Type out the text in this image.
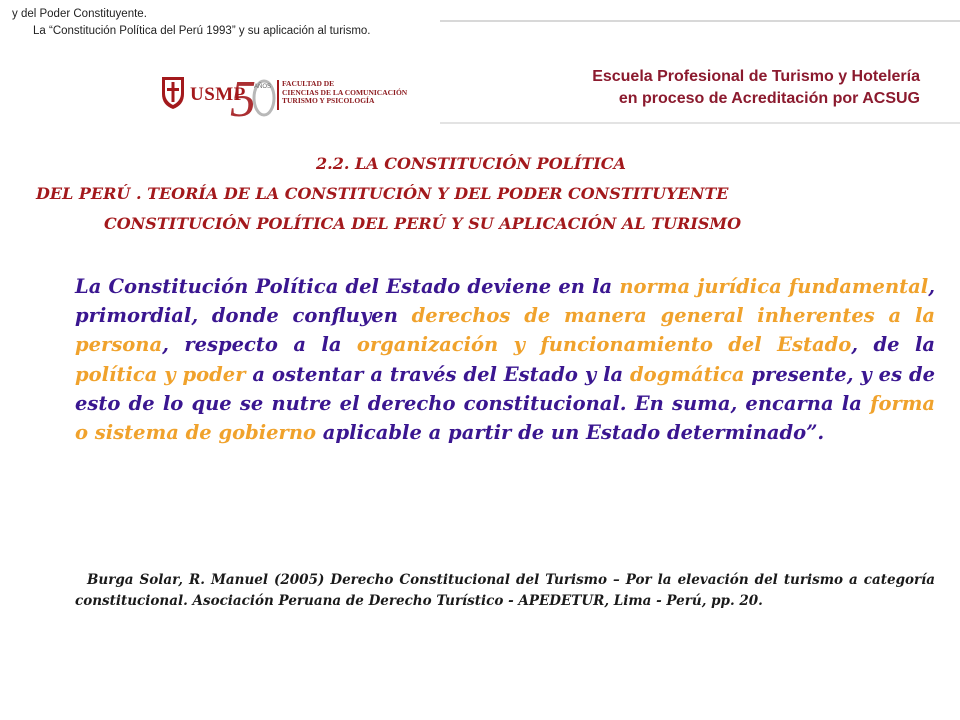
y del Poder Constituyente.
La “Constitución Política del Perú 1993” y su aplicación al turismo.
USMP
5
AÑOS FACULTAD DE
CIENCIAS DE LA COMUNICACIÓN
TURISMO Y PSICOLOGÍA
Escuela Profesional de Turismo y Hotelería
en proceso de Acreditación por ACSUG
2.2. LA CONSTITUCIÓN POLÍTICA
DEL PERÚ . TEORÍA DE LA CONSTITUCIÓN Y DEL PODER CONSTITUYENTE
CONSTITUCIÓN POLÍTICA DEL PERÚ Y SU APLICACIÓN AL TURISMO
La Constitución Política del Estado deviene en la norma jurídica fundamental, primordial, donde confluyen derechos de manera general inherentes a la persona, respecto a la organización y funcionamiento del Estado, de la política y poder a ostentar a través del Estado y la dogmática presente, y es de esto de lo que se nutre el derecho constitucional. En suma, encarna la forma o sistema de gobierno aplicable a partir de un Estado determinado”.
Burga Solar, R. Manuel (2005) Derecho Constitucional del Turismo – Por la elevación del turismo a categoría constitucional. Asociación Peruana de Derecho Turístico - APEDETUR, Lima - Perú, pp. 20.
